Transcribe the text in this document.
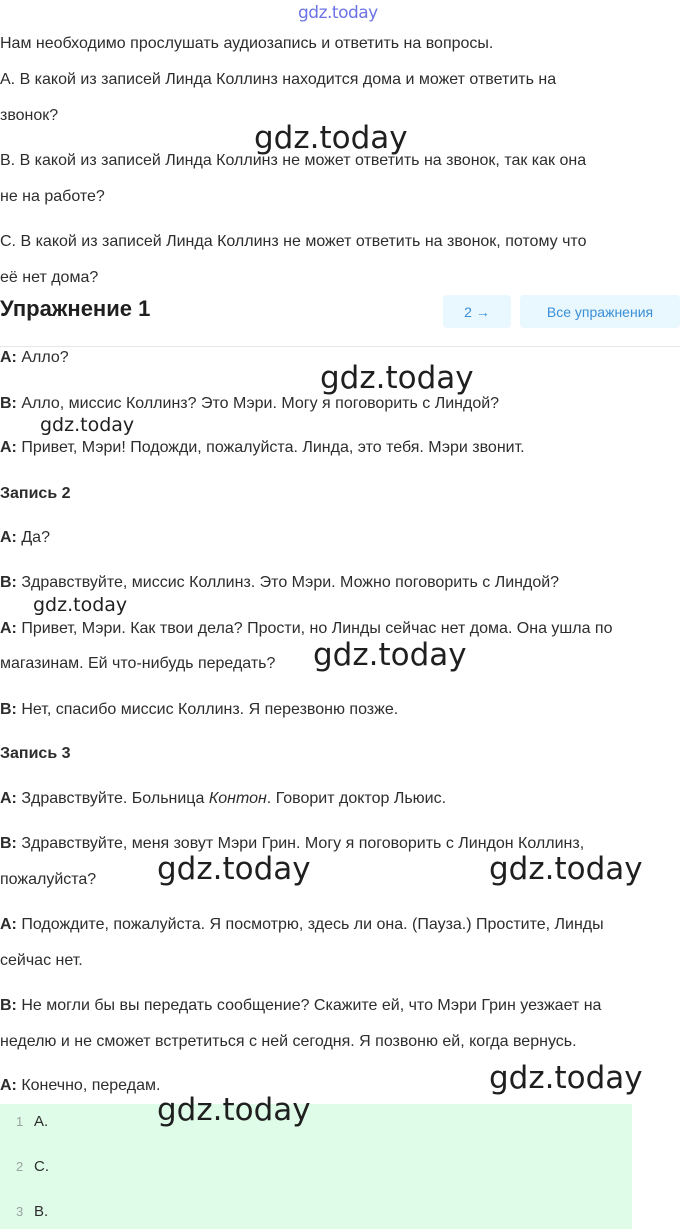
gdz.today
Нам необходимо прослушать аудиозапись и ответить на вопросы.
A. В какой из записей Линда Коллинз находится дома и может ответить на
звонок?
B. В какой из записей Линда Коллинз не может ответить на звонок, так как она
не на работе?
C. В какой из записей Линда Коллинз не может ответить на звонок, потому что
её нет дома?
Упражнение 1	2 →	Все упражнения
A: Алло?
B: Алло, миссис Коллинз? Это Мэри. Могу я поговорить с Линдой?
A: Привет, Мэри! Подожди, пожалуйста. Линда, это тебя. Мэри звонит.
Запись 2
A: Да?
B: Здравствуйте, миссис Коллинз. Это Мэри. Можно поговорить с Линдой?
A: Привет, Мэри. Как твои дела? Прости, но Линды сейчас нет дома. Она ушла по
магазинам. Ей что-нибудь передать?
B: Нет, спасибо миссис Коллинз. Я перезвоню позже.
Запись 3
A: Здравствуйте. Больница Контон. Говорит доктор Льюис.
B: Здравствуйте, меня зовут Мэри Грин. Могу я поговорить с Линдон Коллинз,
пожалуйста?
A: Подождите, пожалуйста. Я посмотрю, здесь ли она. (Пауза.) Простите, Линды
сейчас нет.
B: Не могли бы вы передать сообщение? Скажите ей, что Мэри Грин уезжает на
неделю и не сможет встретиться с ней сегодня. Я позвоню ей, когда вернусь.
A: Конечно, передам.
1 A.
2 C.
3 B.
gdz.today
gdz.today
gdz.today
gdz.today
gdz.today
gdz.today	gdz.today
gdz.today
gdz.today
